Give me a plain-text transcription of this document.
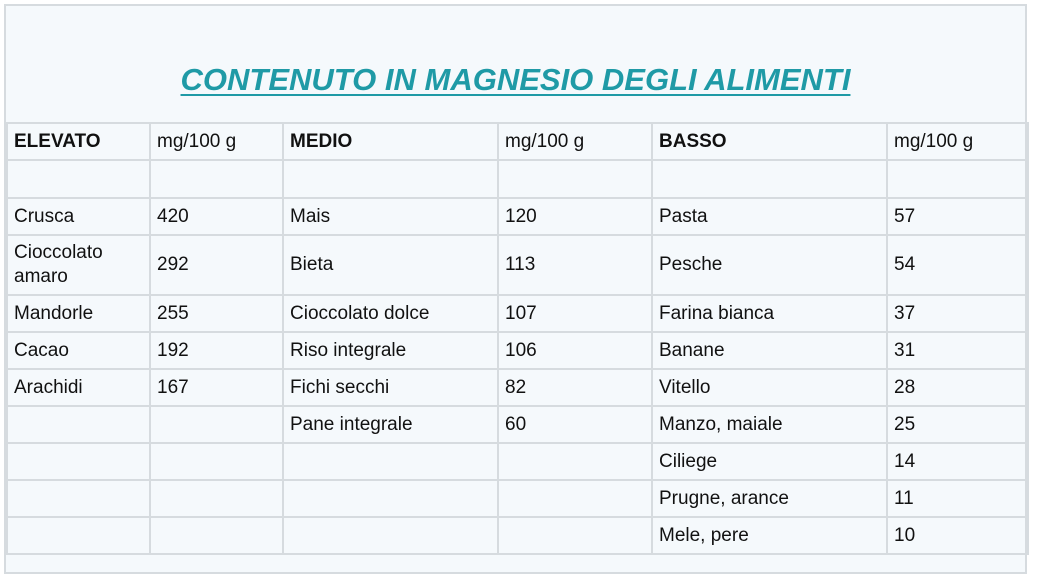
CONTENUTO IN MAGNESIO DEGLI ALIMENTI
ELEVATO	mg/100 g	MEDIO	mg/100 g	BASSO	mg/100 g

Crusca	420	Mais	120	Pasta	57
Cioccolato amaro	292	Bieta	113	Pesche	54
Mandorle	255	Cioccolato dolce	107	Farina bianca	37
Cacao	192	Riso integrale	106	Banane	31
Arachidi	167	Fichi secchi	82	Vitello	28
		Pane integrale	60	Manzo, maiale	25
				Ciliege	14
				Prugne, arance	11
				Mele, pere	10
